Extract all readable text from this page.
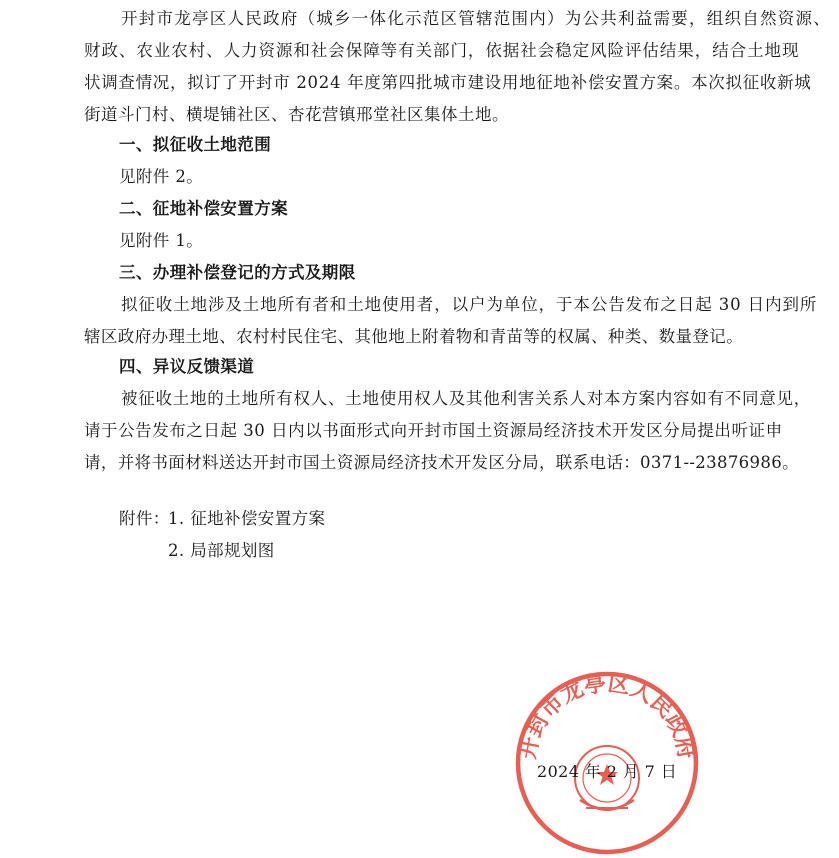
开封市龙亭区人民政府（城乡一体化示范区管辖范围内）为公共利益需要，组织自然资源、
财政、农业农村、人力资源和社会保障等有关部门，依据社会稳定风险评估结果，结合土地现
状调查情况，拟订了开封市 2024 年度第四批城市建设用地征地补偿安置方案。本次拟征收新城
街道斗门村、横堤铺社区、杏花营镇邢堂社区集体土地。
一、拟征收土地范围
见附件 2。
二、征地补偿安置方案
见附件 1。
三、办理补偿登记的方式及期限
拟征收土地涉及土地所有者和土地使用者，以户为单位，于本公告发布之日起 30 日内到所
辖区政府办理土地、农村村民住宅、其他地上附着物和青苗等的权属、种类、数量登记。
四、异议反馈渠道
被征收土地的土地所有权人、土地使用权人及其他利害关系人对本方案内容如有不同意见，
请于公告发布之日起 30 日内以书面形式向开封市国土资源局经济技术开发区分局提出听证申
请，并将书面材料送达开封市国土资源局经济技术开发区分局，联系电话：0371--23876986。
附件：
1. 征地补偿安置方案
2. 局部规划图
开封市龙亭区人民政府
2024 年 2 月 7 日
